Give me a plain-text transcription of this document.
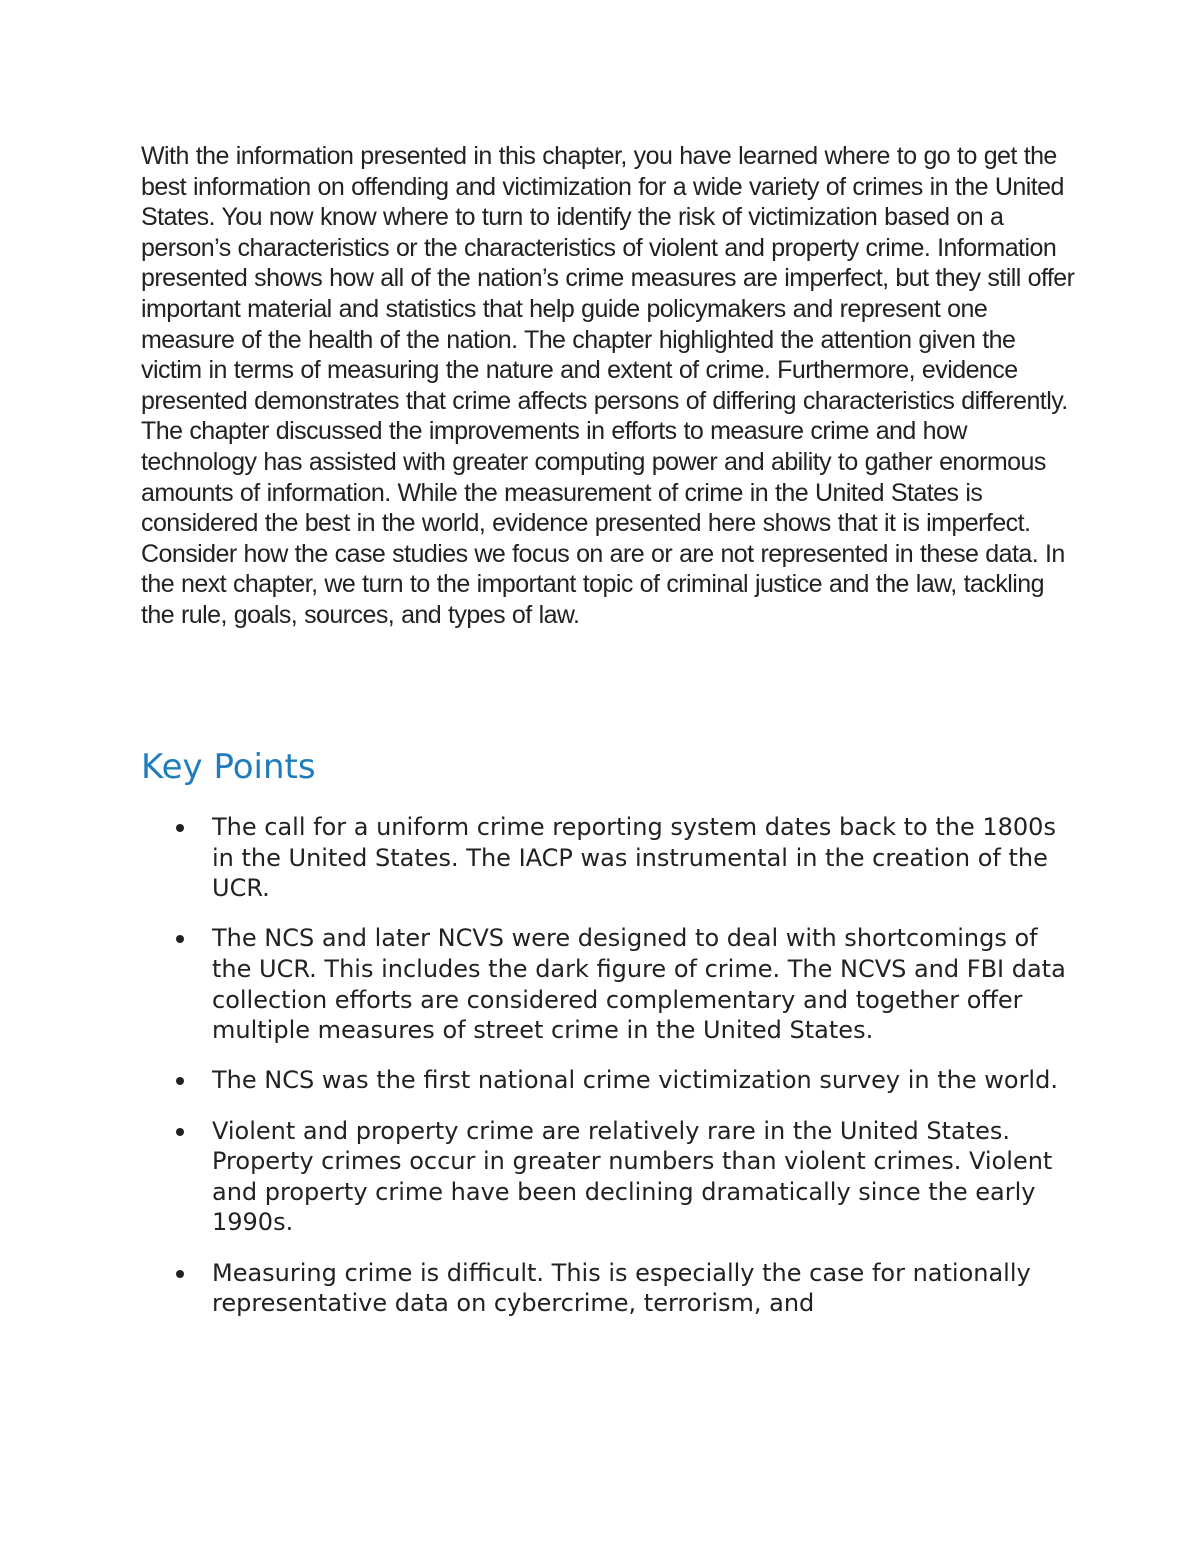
With the information presented in this chapter, you have learned where to go to get the best information on offending and victimization for a wide variety of crimes in the United States. You now know where to turn to identify the risk of victimization based on a person’s characteristics or the characteristics of violent and property crime. Information presented shows how all of the nation’s crime measures are imperfect, but they still offer important material and statistics that help guide policymakers and represent one measure of the health of the nation. The chapter highlighted the attention given the victim in terms of measuring the nature and extent of crime. Furthermore, evidence presented demonstrates that crime affects persons of differing characteristics differently. The chapter discussed the improvements in efforts to measure crime and how technology has assisted with greater computing power and ability to gather enormous amounts of information. While the measurement of crime in the United States is considered the best in the world, evidence presented here shows that it is imperfect. Consider how the case studies we focus on are or are not represented in these data. In the next chapter, we turn to the important topic of criminal justice and the law, tackling the rule, goals, sources, and types of law.

Key Points
The call for a uniform crime reporting system dates back to the 1800s in the United States. The IACP was instrumental in the creation of the UCR.
The NCS and later NCVS were designed to deal with shortcomings of the UCR. This includes the dark figure of crime. The NCVS and FBI data collection efforts are considered complementary and together offer multiple measures of street crime in the United States.
The NCS was the first national crime victimization survey in the world.
Violent and property crime are relatively rare in the United States. Property crimes occur in greater numbers than violent crimes. Violent and property crime have been declining dramatically since the early 1990s.
Measuring crime is difficult. This is especially the case for nationally representative data on cybercrime, terrorism, and
